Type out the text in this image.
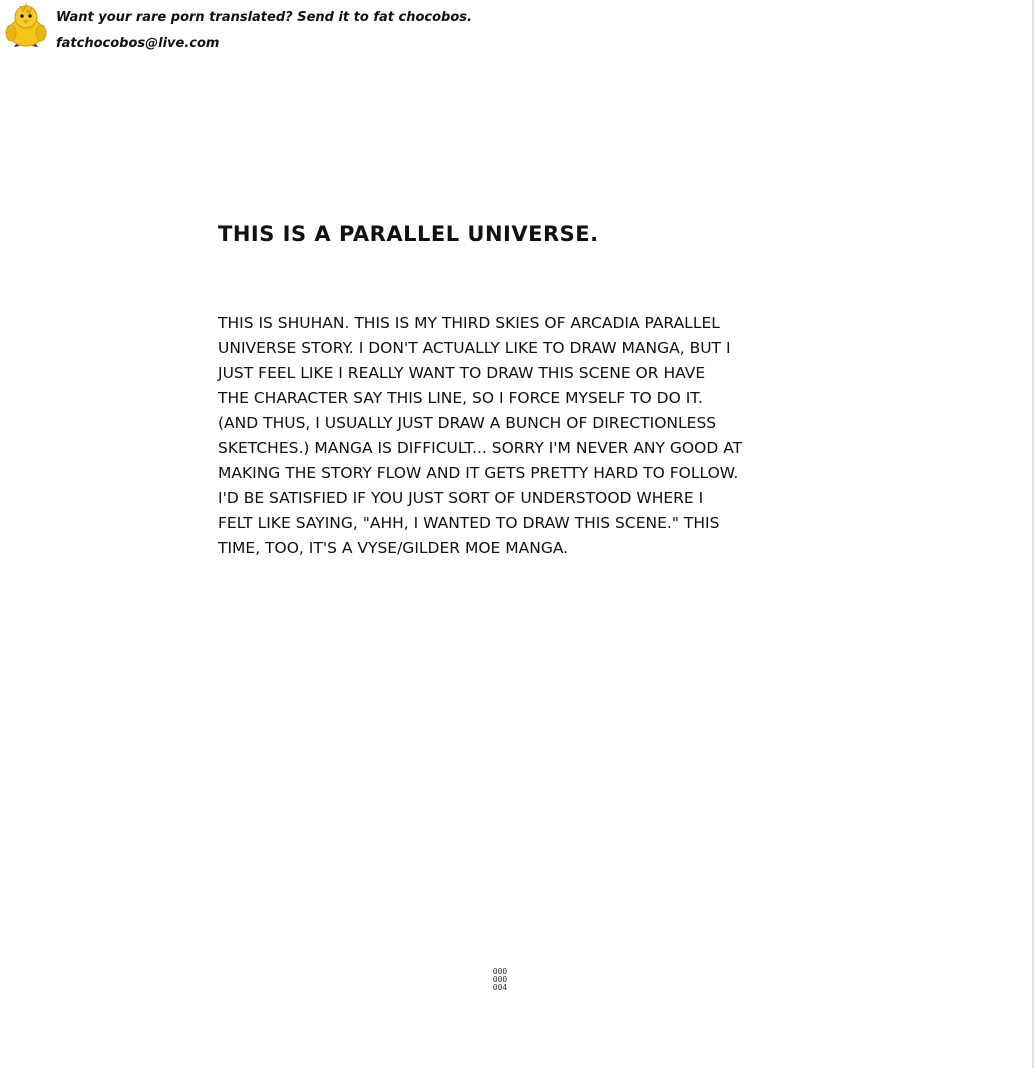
Want your rare porn translated? Send it to fat chocobos.
fatchocobos@live.com
THIS IS A PARALLEL UNIVERSE.
THIS IS SHUHAN. THIS IS MY THIRD SKIES OF ARCADIA PARALLEL
UNIVERSE STORY. I DON'T ACTUALLY LIKE TO DRAW MANGA, BUT I
JUST FEEL LIKE I REALLY WANT TO DRAW THIS SCENE OR HAVE
THE CHARACTER SAY THIS LINE, SO I FORCE MYSELF TO DO IT.
(AND THUS, I USUALLY JUST DRAW A BUNCH OF DIRECTIONLESS
SKETCHES.) MANGA IS DIFFICULT... SORRY I'M NEVER ANY GOOD AT
MAKING THE STORY FLOW AND IT GETS PRETTY HARD TO FOLLOW.
I'D BE SATISFIED IF YOU JUST SORT OF UNDERSTOOD WHERE I
FELT LIKE SAYING, "AHH, I WANTED TO DRAW THIS SCENE." THIS
TIME, TOO, IT'S A VYSE/GILDER MOE MANGA.
000
000
004
